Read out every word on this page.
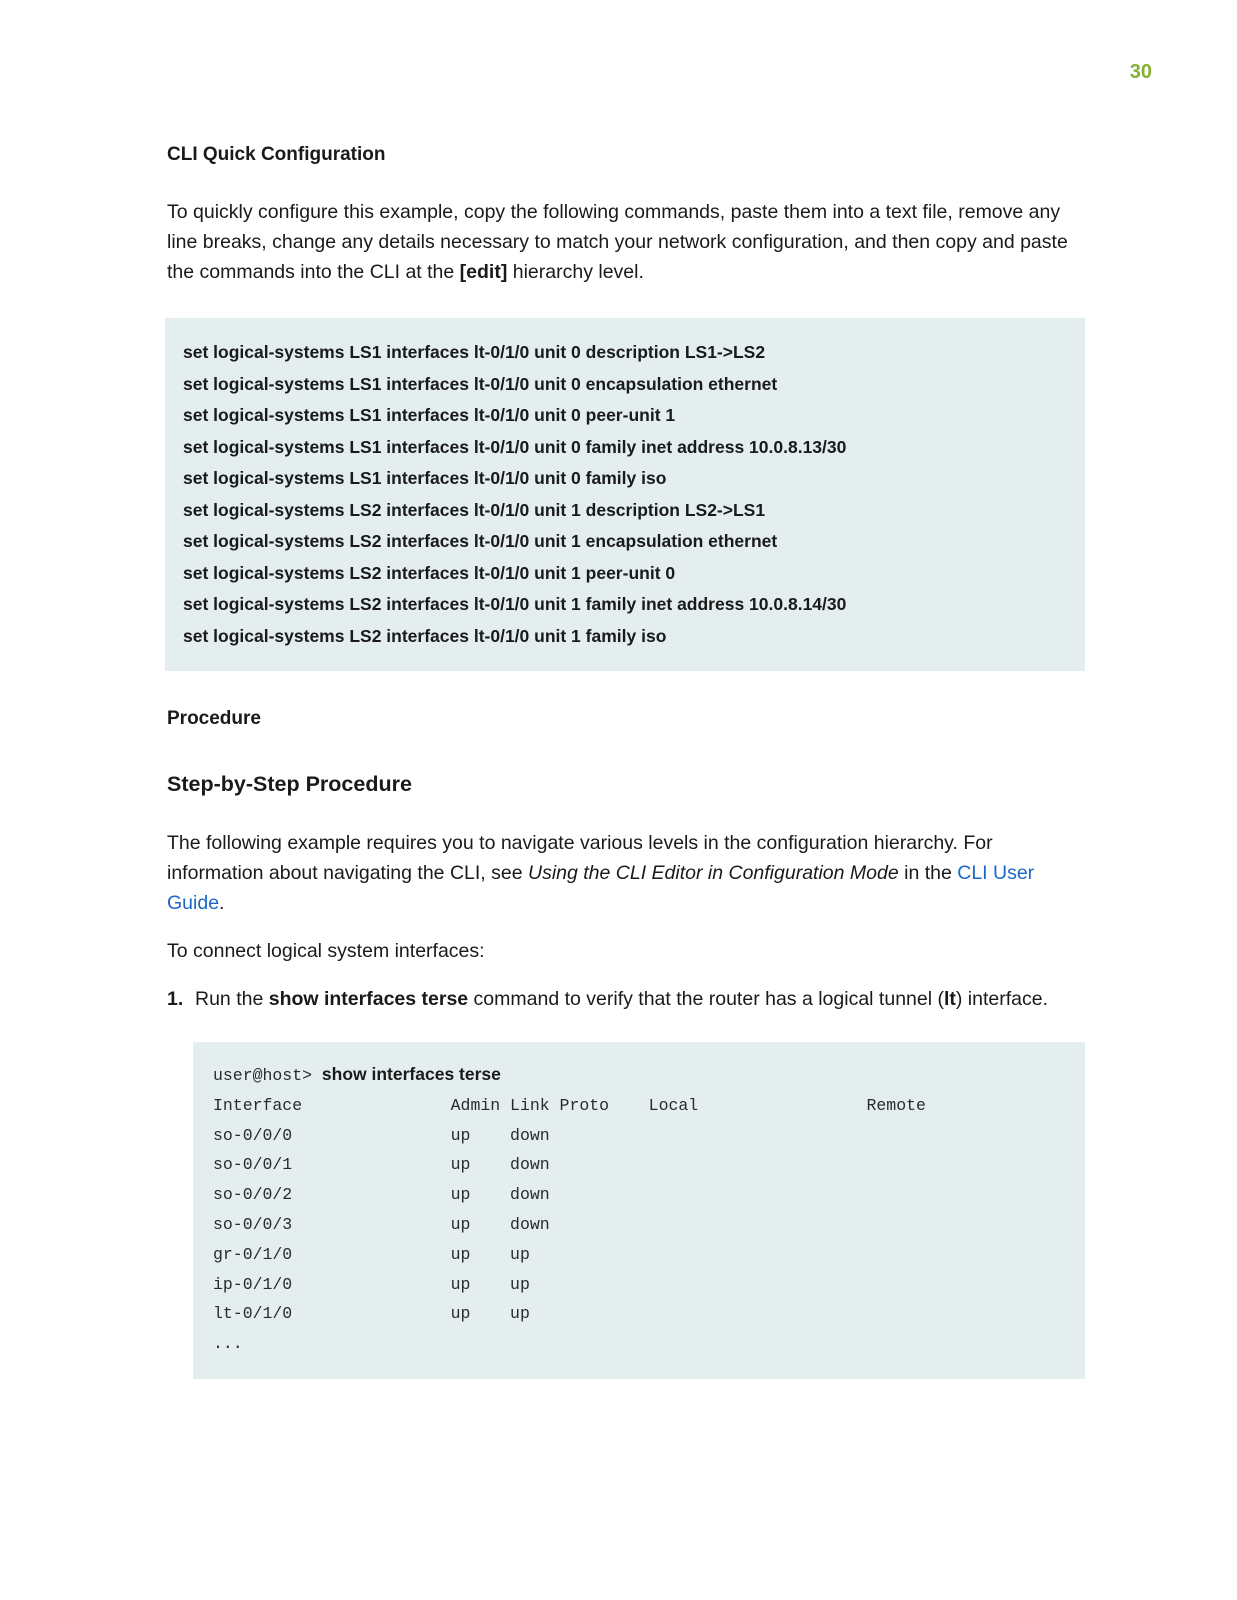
30
CLI Quick Configuration

To quickly configure this example, copy the following commands, paste them into a text file, remove any line breaks, change any details necessary to match your network configuration, and then copy and paste the commands into the CLI at the [edit] hierarchy level.

set logical-systems LS1 interfaces lt-0/1/0 unit 0 description LS1->LS2
set logical-systems LS1 interfaces lt-0/1/0 unit 0 encapsulation ethernet
set logical-systems LS1 interfaces lt-0/1/0 unit 0 peer-unit 1
set logical-systems LS1 interfaces lt-0/1/0 unit 0 family inet address 10.0.8.13/30
set logical-systems LS1 interfaces lt-0/1/0 unit 0 family iso
set logical-systems LS2 interfaces lt-0/1/0 unit 1 description LS2->LS1
set logical-systems LS2 interfaces lt-0/1/0 unit 1 encapsulation ethernet
set logical-systems LS2 interfaces lt-0/1/0 unit 1 peer-unit 0
set logical-systems LS2 interfaces lt-0/1/0 unit 1 family inet address 10.0.8.14/30
set logical-systems LS2 interfaces lt-0/1/0 unit 1 family iso
Procedure
Step-by-Step Procedure

The following example requires you to navigate various levels in the configuration hierarchy. For information about navigating the CLI, see Using the CLI Editor in Configuration Mode in the CLI User Guide.

To connect logical system interfaces:

1. Run the show interfaces terse command to verify that the router has a logical tunnel (lt) interface.

user@host> show interfaces terse
Interface               Admin Link Proto    Local                 Remote
so-0/0/0                up    down
so-0/0/1                up    down
so-0/0/2                up    down
so-0/0/3                up    down
gr-0/1/0                up    up
ip-0/1/0                up    up
lt-0/1/0                up    up
...
